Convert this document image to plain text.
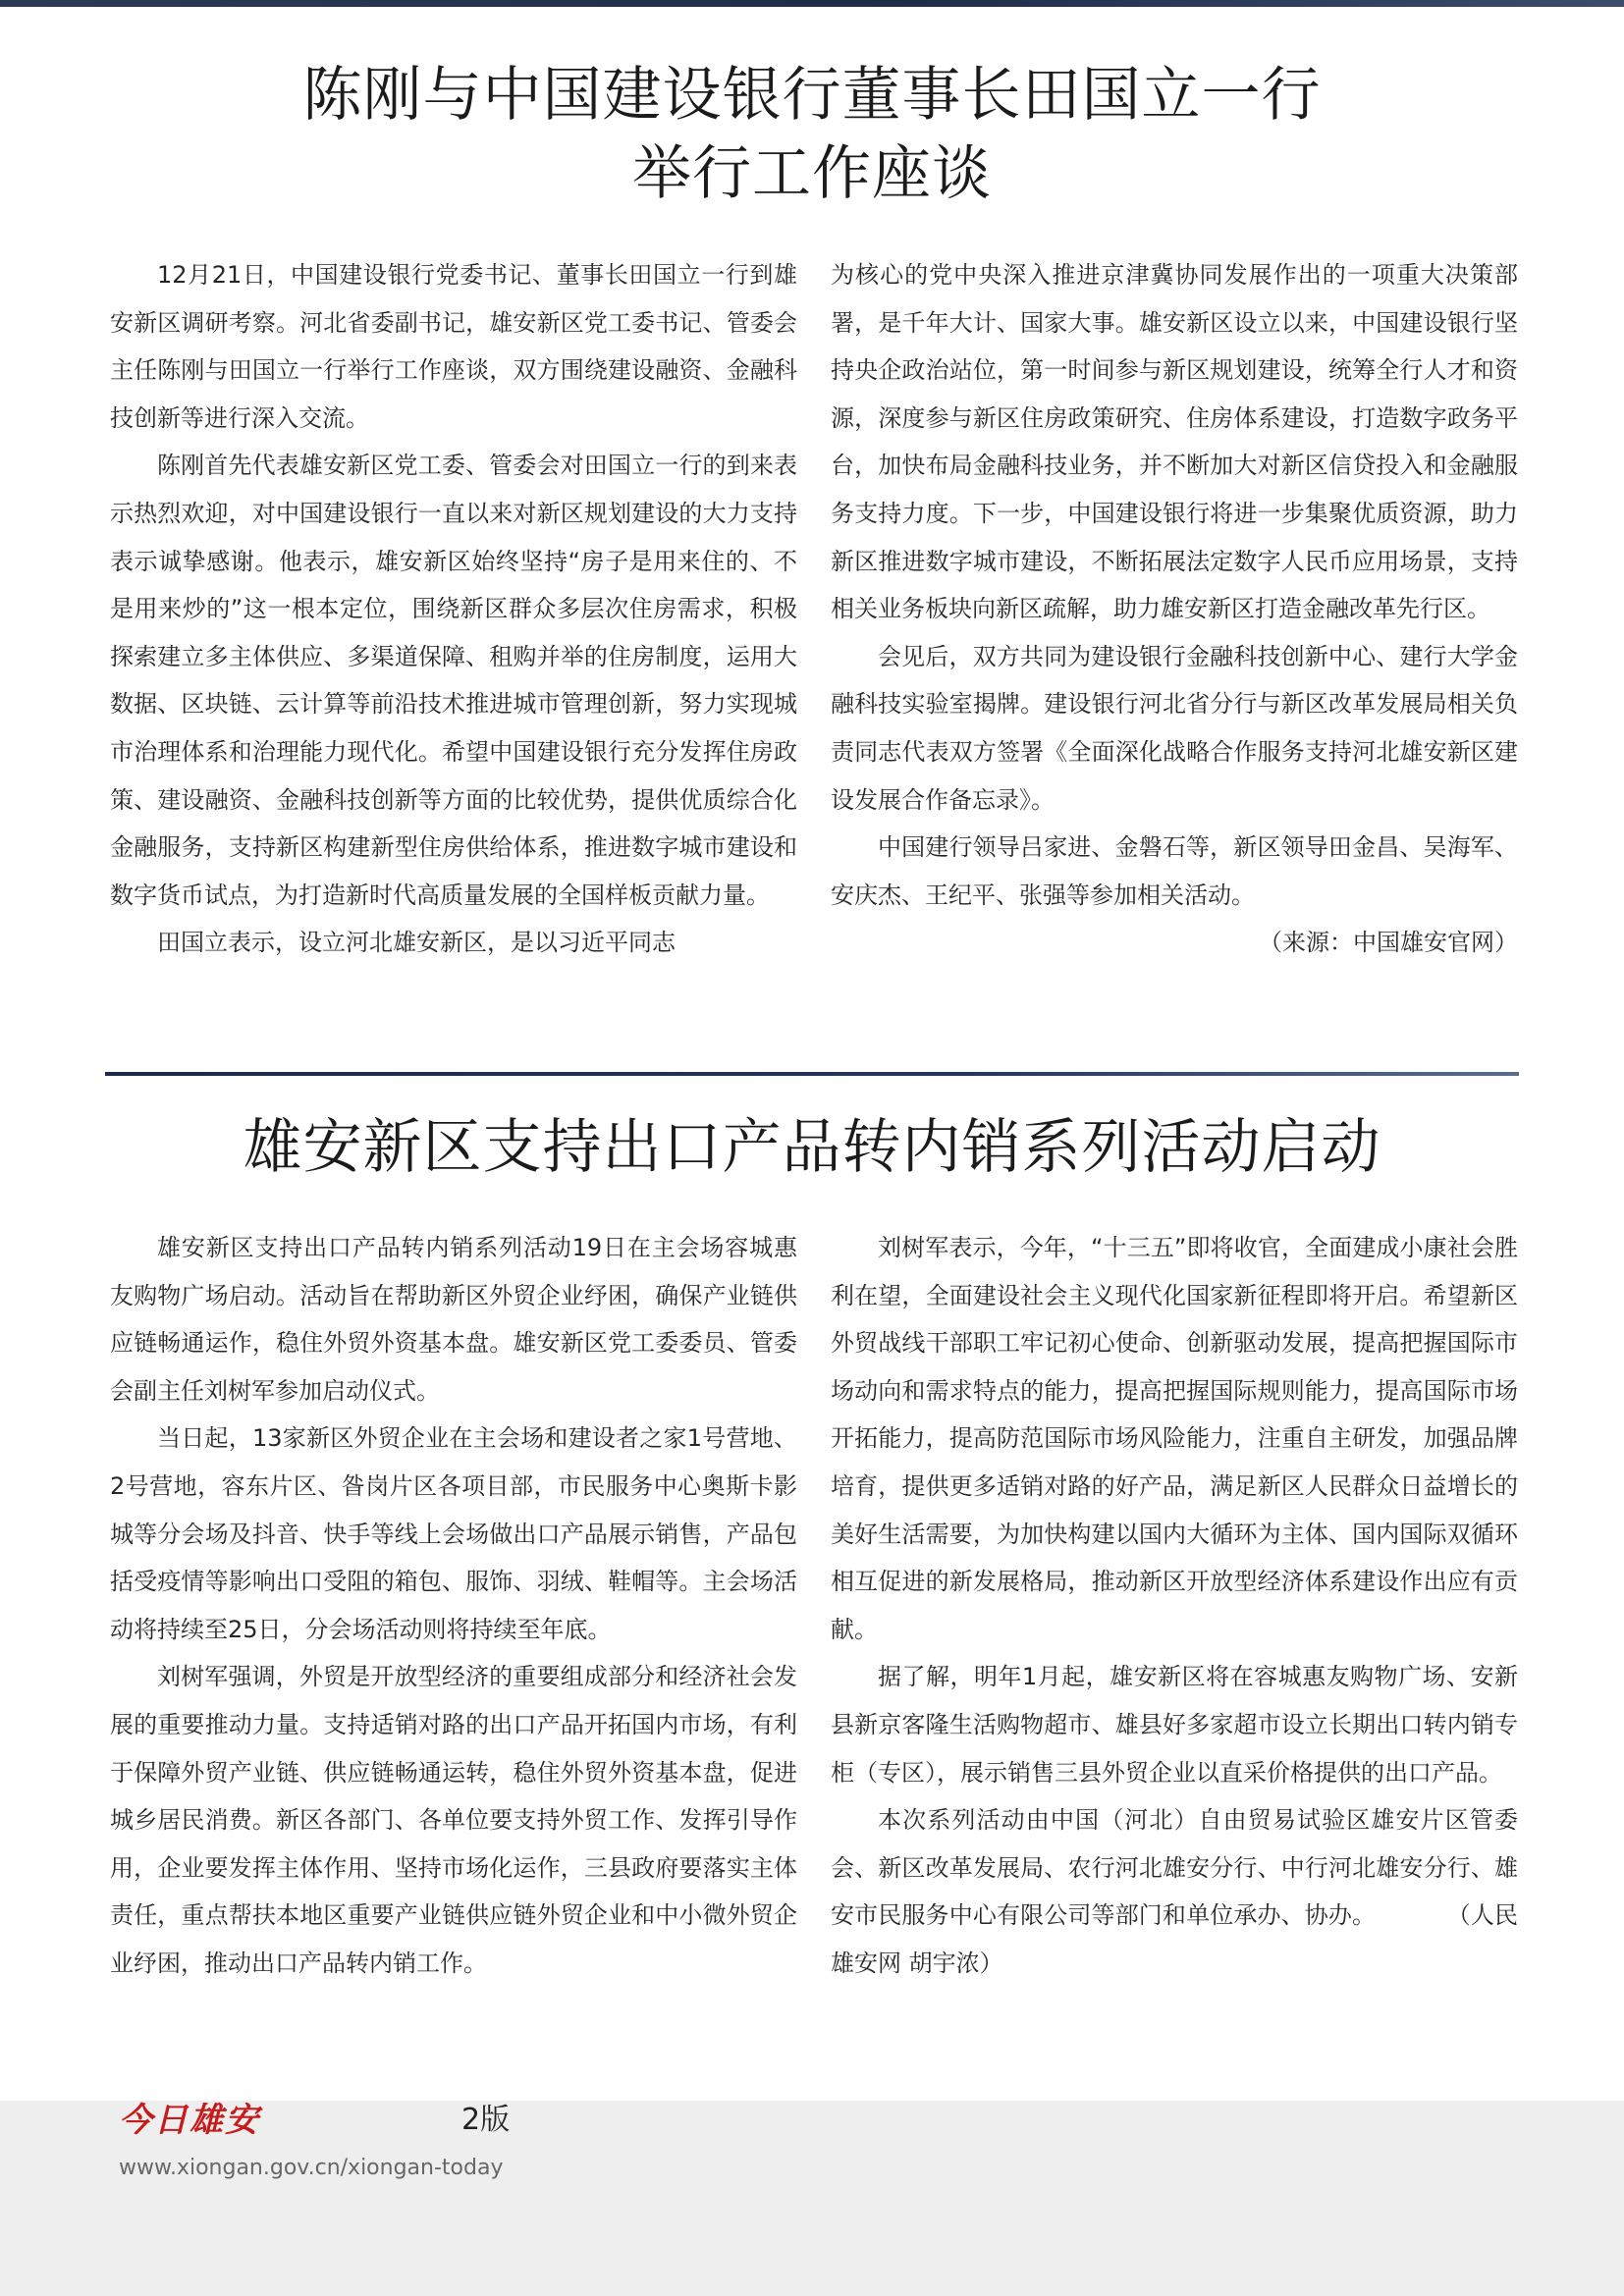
陈刚与中国建设银行董事长田国立一行
举行工作座谈

12月21日，中国建设银行党委书记、董事长田国立一行到雄安新区调研考察。河北省委副书记，雄安新区党工委书记、管委会主任陈刚与田国立一行举行工作座谈，双方围绕建设融资、金融科技创新等进行深入交流。

陈刚首先代表雄安新区党工委、管委会对田国立一行的到来表示热烈欢迎，对中国建设银行一直以来对新区规划建设的大力支持表示诚挚感谢。他表示，雄安新区始终坚持“房子是用来住的、不是用来炒的”这一根本定位，围绕新区群众多层次住房需求，积极探索建立多主体供应、多渠道保障、租购并举的住房制度，运用大数据、区块链、云计算等前沿技术推进城市管理创新，努力实现城市治理体系和治理能力现代化。希望中国建设银行充分发挥住房政策、建设融资、金融科技创新等方面的比较优势，提供优质综合化金融服务，支持新区构建新型住房供给体系，推进数字城市建设和数字货币试点，为打造新时代高质量发展的全国样板贡献力量。

田国立表示，设立河北雄安新区，是以习近平同志

为核心的党中央深入推进京津冀协同发展作出的一项重大决策部署，是千年大计、国家大事。雄安新区设立以来，中国建设银行坚持央企政治站位，第一时间参与新区规划建设，统筹全行人才和资源，深度参与新区住房政策研究、住房体系建设，打造数字政务平台，加快布局金融科技业务，并不断加大对新区信贷投入和金融服务支持力度。下一步，中国建设银行将进一步集聚优质资源，助力新区推进数字城市建设，不断拓展法定数字人民币应用场景，支持相关业务板块向新区疏解，助力雄安新区打造金融改革先行区。

会见后，双方共同为建设银行金融科技创新中心、建行大学金融科技实验室揭牌。建设银行河北省分行与新区改革发展局相关负责同志代表双方签署《全面深化战略合作服务支持河北雄安新区建设发展合作备忘录》。

中国建行领导吕家进、金磐石等，新区领导田金昌、吴海军、安庆杰、王纪平、张强等参加相关活动。

（来源：中国雄安官网）

雄安新区支持出口产品转内销系列活动启动

雄安新区支持出口产品转内销系列活动19日在主会场容城惠友购物广场启动。活动旨在帮助新区外贸企业纾困，确保产业链供应链畅通运作，稳住外贸外资基本盘。雄安新区党工委委员、管委会副主任刘树军参加启动仪式。

当日起，13家新区外贸企业在主会场和建设者之家1号营地、2号营地，容东片区、昝岗片区各项目部，市民服务中心奥斯卡影城等分会场及抖音、快手等线上会场做出口产品展示销售，产品包括受疫情等影响出口受阻的箱包、服饰、羽绒、鞋帽等。主会场活动将持续至25日，分会场活动则将持续至年底。

刘树军强调，外贸是开放型经济的重要组成部分和经济社会发展的重要推动力量。支持适销对路的出口产品开拓国内市场，有利于保障外贸产业链、供应链畅通运转，稳住外贸外资基本盘，促进城乡居民消费。新区各部门、各单位要支持外贸工作、发挥引导作用，企业要发挥主体作用、坚持市场化运作，三县政府要落实主体责任，重点帮扶本地区重要产业链供应链外贸企业和中小微外贸企业纾困，推动出口产品转内销工作。

刘树军表示，今年，“十三五”即将收官，全面建成小康社会胜利在望，全面建设社会主义现代化国家新征程即将开启。希望新区外贸战线干部职工牢记初心使命、创新驱动发展，提高把握国际市场动向和需求特点的能力，提高把握国际规则能力，提高国际市场开拓能力，提高防范国际市场风险能力，注重自主研发，加强品牌培育，提供更多适销对路的好产品，满足新区人民群众日益增长的美好生活需要，为加快构建以国内大循环为主体、国内国际双循环相互促进的新发展格局，推动新区开放型经济体系建设作出应有贡献。

据了解，明年1月起，雄安新区将在容城惠友购物广场、安新县新京客隆生活购物超市、雄县好多家超市设立长期出口转内销专柜（专区），展示销售三县外贸企业以直采价格提供的出口产品。

本次系列活动由中国（河北）自由贸易试验区雄安片区管委会、新区改革发展局、农行河北雄安分行、中行河北雄安分行、雄安市民服务中心有限公司等部门和单位承办、协办。　　　　（人民雄安网 胡宇浓）

今日雄安	2版
www.xiongan.gov.cn/xiongan-today
